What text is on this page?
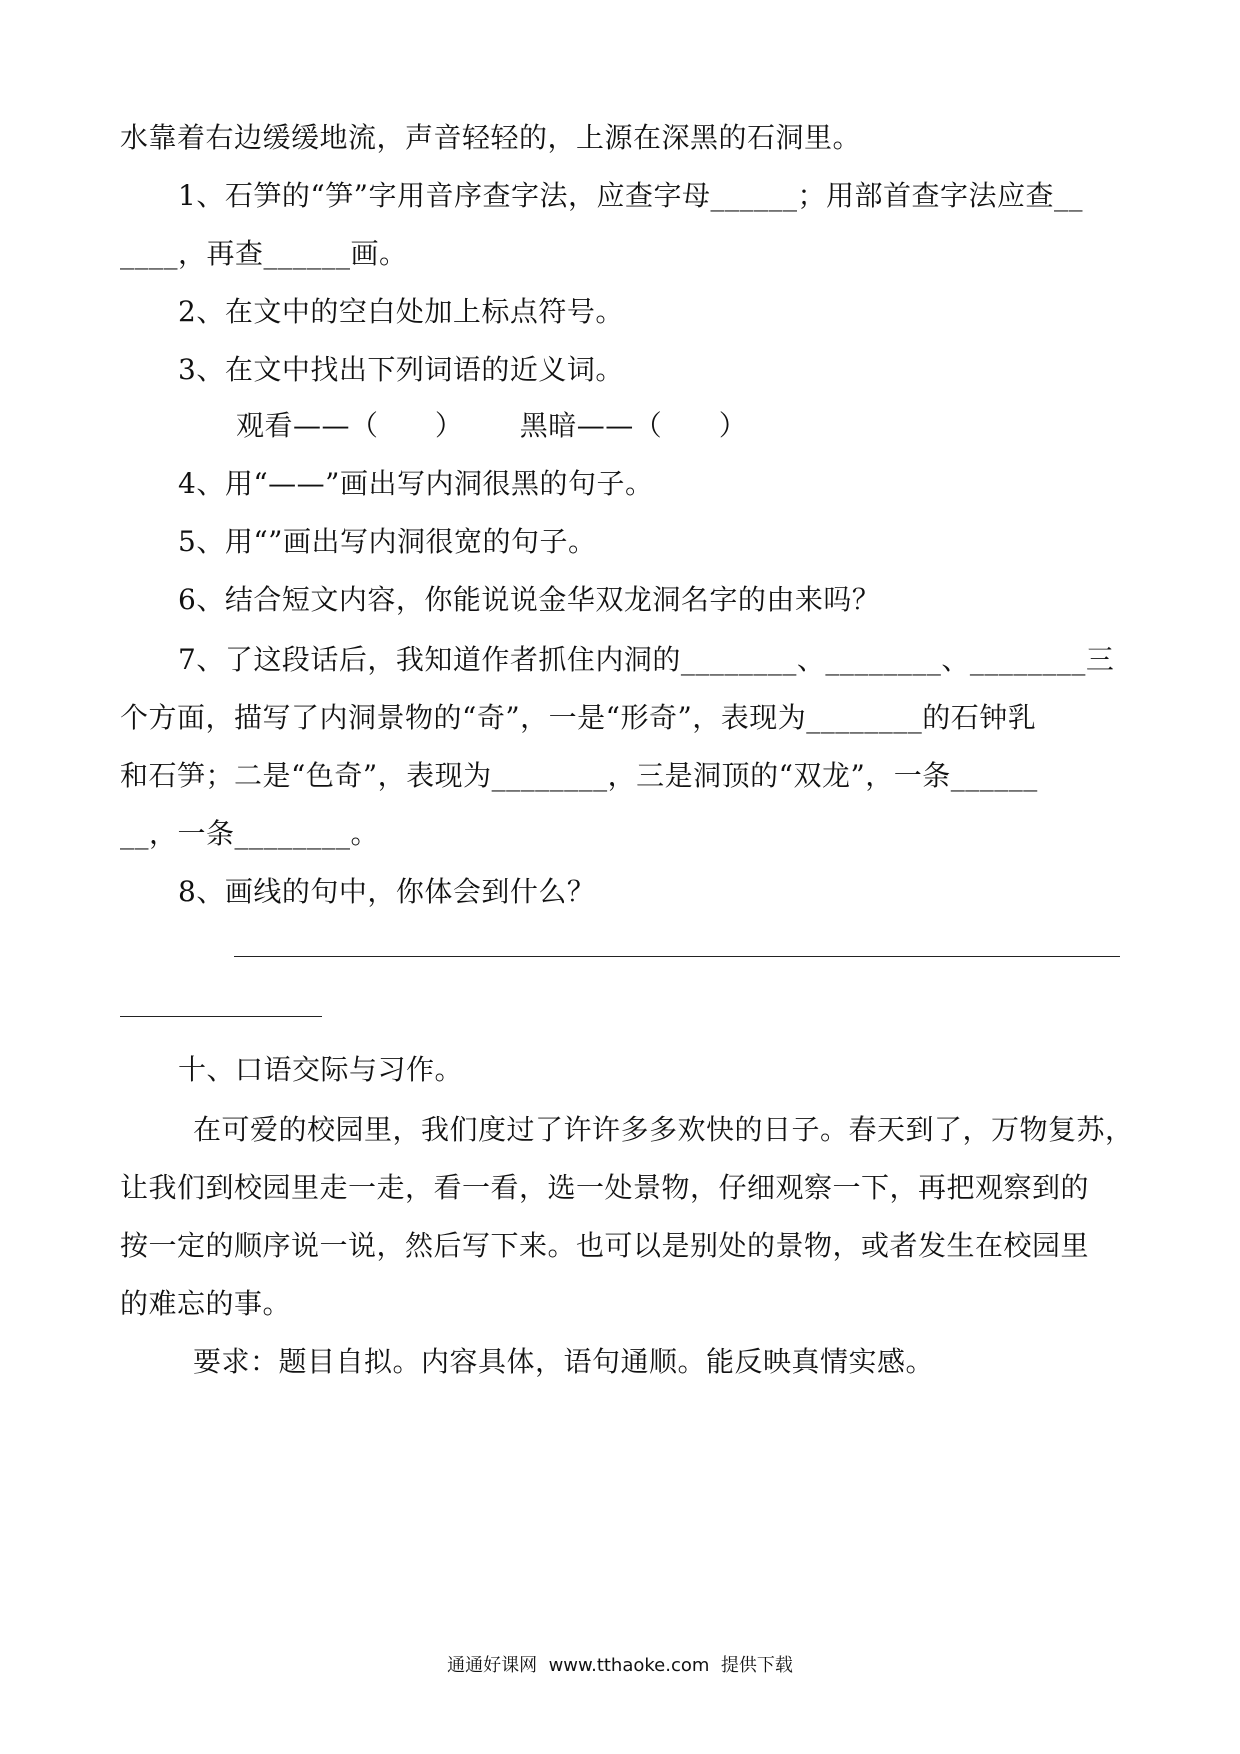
水靠着右边缓缓地流，声音轻轻的，上源在深黑的石洞里。
1、石笋的“笋”字用音序查字法，应查字母______；用部首查字法应查__
____，再查______画。
2、在文中的空白处加上标点符号。
3、在文中找出下列词语的近义词。
观看——（      ）      黑暗——（      ）
4、用“——”画出写内洞很黑的句子。
5、用“”画出写内洞很宽的句子。
6、结合短文内容，你能说说金华双龙洞名字的由来吗？
7、了这段话后，我知道作者抓住内洞的________、________、________三
个方面，描写了内洞景物的“奇”，一是“形奇”，表现为________的石钟乳
和石笋；二是“色奇”，表现为________，三是洞顶的“双龙”，一条______
__，一条________。
8、画线的句中，你体会到什么？
十、口语交际与习作。
在可爱的校园里，我们度过了许许多多欢快的日子。春天到了，万物复苏，
让我们到校园里走一走，看一看，选一处景物，仔细观察一下，再把观察到的
按一定的顺序说一说，然后写下来。也可以是别处的景物，或者发生在校园里
的难忘的事。
要求：题目自拟。内容具体，语句通顺。能反映真情实感。
通通好课网  www.tthaoke.com  提供下载
